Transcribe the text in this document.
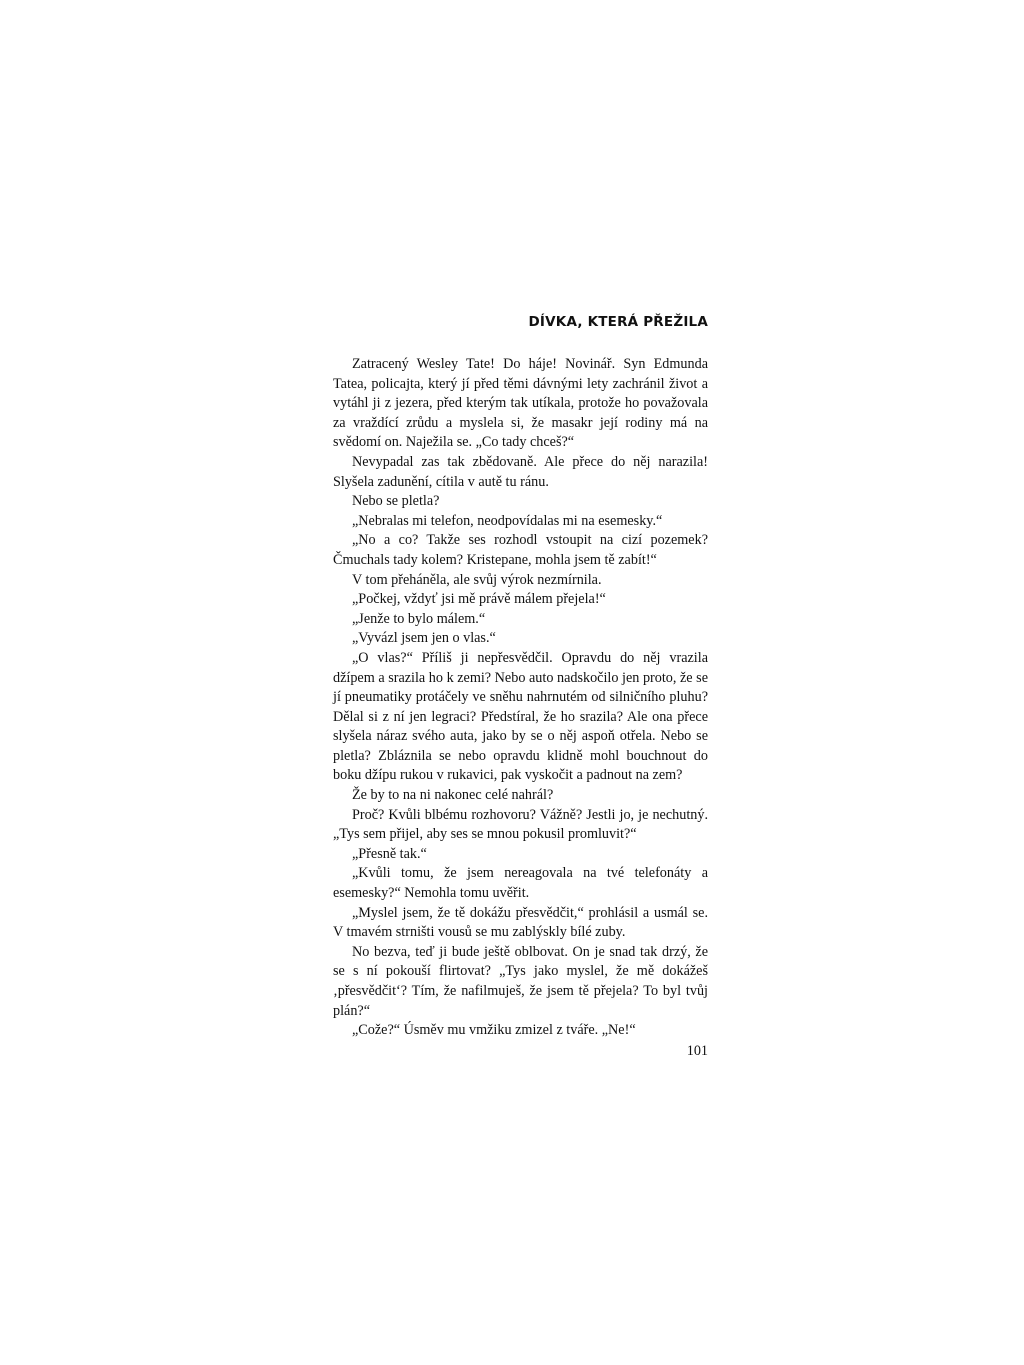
DÍVKA, KTERÁ PŘEŽILA

Zatracený Wesley Tate! Do háje! Novinář. Syn Edmunda Tatea, policajta, který jí před těmi dávnými lety zachránil život a vytáhl ji z jezera, před kterým tak utíkala, protože ho považovala za vraždící zrůdu a myslela si, že masakr její rodiny má na svědomí on. Naježila se. „Co tady chceš?“

Nevypadal zas tak zbědovaně. Ale přece do něj narazila! Slyšela zadunění, cítila v autě tu ránu.

Nebo se pletla?

„Nebralas mi telefon, neodpovídalas mi na esemesky.“

„No a co? Takže ses rozhodl vstoupit na cizí pozemek? Čmuchals tady kolem? Kristepane, mohla jsem tě zabít!“

V tom přeháněla, ale svůj výrok nezmírnila.

„Počkej, vždyť jsi mě právě málem přejela!“

„Jenže to bylo málem.“

„Vyvázl jsem jen o vlas.“

„O vlas?“ Příliš ji nepřesvědčil. Opravdu do něj vrazila džípem a srazila ho k zemi? Nebo auto nadskočilo jen proto, že se jí pneumatiky protáčely ve sněhu nahrnutém od silničního pluhu? Dělal si z ní jen legraci? Předstíral, že ho srazila? Ale ona přece slyšela náraz svého auta, jako by se o něj aspoň otřela. Nebo se pletla? Zbláznila se nebo opravdu klidně mohl bouchnout do boku džípu rukou v rukavici, pak vyskočit a padnout na zem?

Že by to na ni nakonec celé nahrál?

Proč? Kvůli blbému rozhovoru? Vážně? Jestli jo, je nechutný. „Tys sem přijel, aby ses se mnou pokusil promluvit?“

„Přesně tak.“

„Kvůli tomu, že jsem nereagovala na tvé telefonáty a esemesky?“ Nemohla tomu uvěřit.

„Myslel jsem, že tě dokážu přesvědčit,“ prohlásil a usmál se. V tmavém strništi vousů se mu zablýskly bílé zuby.

No bezva, teď ji bude ještě oblbovat. On je snad tak drzý, že se s ní pokouší flirtovat? „Tys jako myslel, že mě dokážeš ‚přesvědčit‘? Tím, že nafilmuješ, že jsem tě přejela? To byl tvůj plán?“

„Cože?“ Úsměv mu vmžiku zmizel z tváře. „Ne!“

101
